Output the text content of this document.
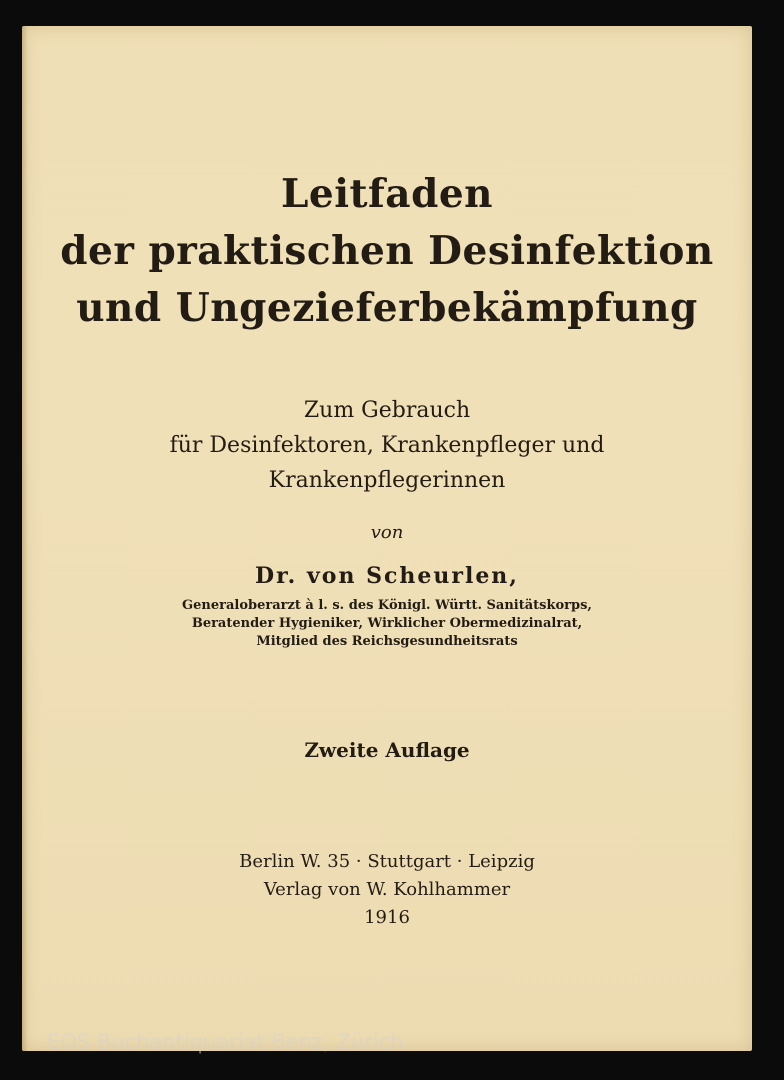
Leitfaden
der praktischen Desinfektion
und Ungezieferbekämpfung
Zum Gebrauch
für Desinfektoren, Krankenpfleger und
Krankenpflegerinnen
von
Dr. von Scheurlen,
Generaloberarzt à l. s. des Königl. Württ. Sanitätskorps,
Beratender Hygieniker, Wirklicher Obermedizinalrat,
Mitglied des Reichsgesundheitsrats
Zweite Auflage
Berlin W. 35 · Stuttgart · Leipzig
Verlag von W. Kohlhammer
1916
EOS Buchantiquariat Benz, Zürich
